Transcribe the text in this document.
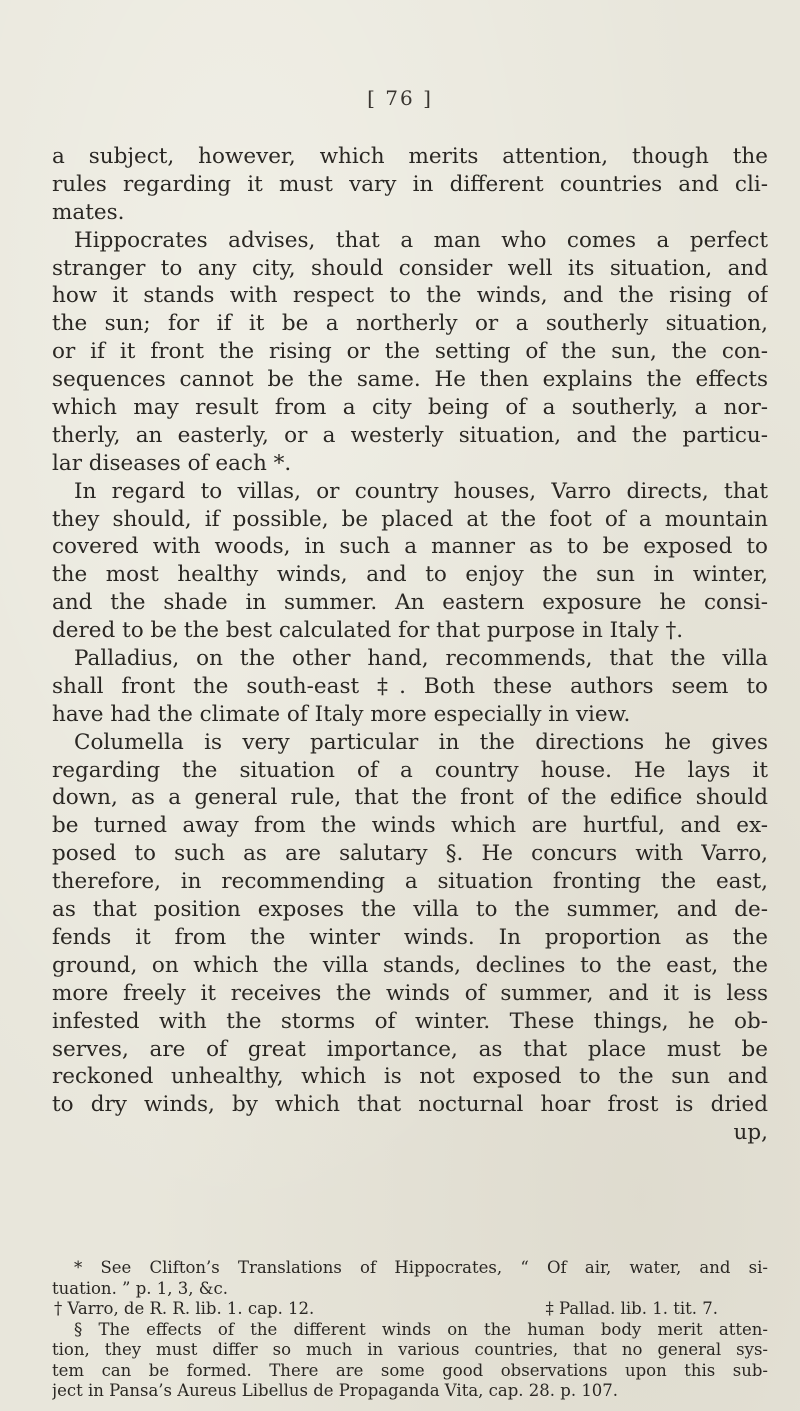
[ 76 ]
a subject, however, which merits attention, though the
rules regarding it must vary in different countries and cli-
mates.
Hippocrates advises, that a man who comes a perfect
stranger to any city, should consider well its situation, and
how it stands with respect to the winds, and the rising of
the sun; for if it be a northerly or a southerly situation,
or if it front the rising or the setting of the sun, the con-
sequences cannot be the same. He then explains the effects
which may result from a city being of a southerly, a nor-
therly, an easterly, or a westerly situation, and the particu-
lar diseases of each *.
In regard to villas, or country houses, Varro directs, that
they should, if possible, be placed at the foot of a mountain
covered with woods, in such a manner as to be exposed to
the most healthy winds, and to enjoy the sun in winter,
and the shade in summer. An eastern exposure he consi-
dered to be the best calculated for that purpose in Italy †.
Palladius, on the other hand, recommends, that the villa
shall front the south-east ‡. Both these authors seem to
have had the climate of Italy more especially in view.
Columella is very particular in the directions he gives
regarding the situation of a country house. He lays it
down, as a general rule, that the front of the edifice should
be turned away from the winds which are hurtful, and ex-
posed to such as are salutary §. He concurs with Varro,
therefore, in recommending a situation fronting the east,
as that position exposes the villa to the summer, and de-
fends it from the winter winds. In proportion as the
ground, on which the villa stands, declines to the east, the
more freely it receives the winds of summer, and it is less
infested with the storms of winter. These things, he ob-
serves, are of great importance, as that place must be
reckoned unhealthy, which is not exposed to the sun and
to dry winds, by which that nocturnal hoar frost is dried
up,
* See Clifton’s Translations of Hippocrates, “ Of air, water, and si-
tuation. ” p. 1, 3, &c.
† Varro, de R. R. lib. 1. cap. 12.	‡ Pallad. lib. 1. tit. 7.
§ The effects of the different winds on the human body merit atten-
tion, they must differ so much in various countries, that no general sys-
tem can be formed. There are some good observations upon this sub-
ject in Pansa’s Aureus Libellus de Propaganda Vita, cap. 28. p. 107.
